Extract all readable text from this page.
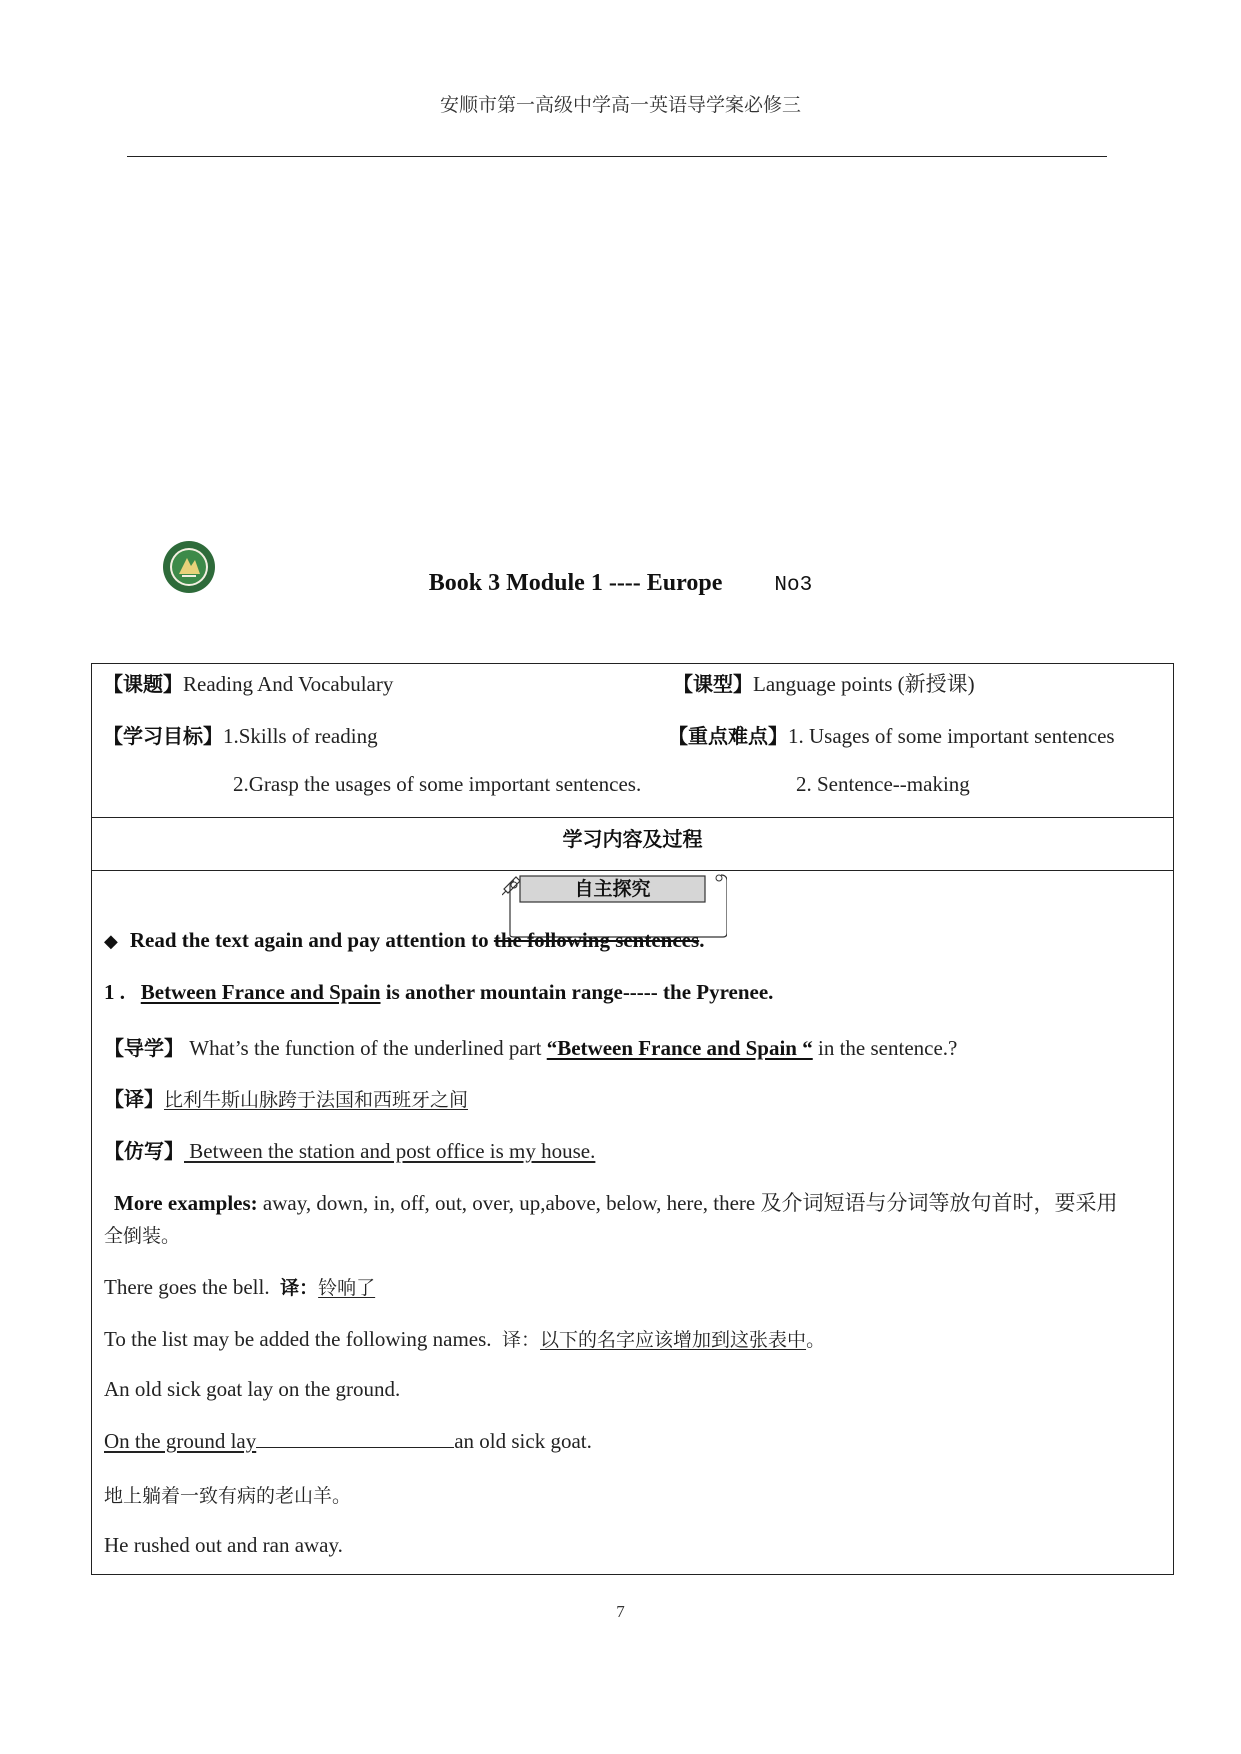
安顺市第一高级中学高一英语导学案必修三
Book 3 Module 1 ---- Europe No3
【课题】Reading And Vocabulary	【课型】Language points (新授课)
【学习目标】1.Skills of reading	【重点难点】1. Usages of some important sentences
2.Grasp the usages of some important sentences.	2. Sentence--making
学习内容及过程
自主探究
◆ Read the text again and pay attention to the following sentences.
1 . Between France and Spain is another mountain range----- the Pyrenee.
【导学】 What’s the function of the underlined part “Between France and Spain “ in the sentence.?
【译】比利牛斯山脉跨于法国和西班牙之间
【仿写】 Between the station and post office is my house.
More examples: away, down, in, off, out, over, up,above, below, here, there 及介词短语与分词等放句首时，要采用
全倒装。
There goes the bell. 译：铃响了
To the list may be added the following names. 译：以下的名字应该增加到这张表中。
An old sick goat lay on the ground.
On the ground lay	an old sick goat.
地上躺着一致有病的老山羊。
He rushed out and ran away.
7
